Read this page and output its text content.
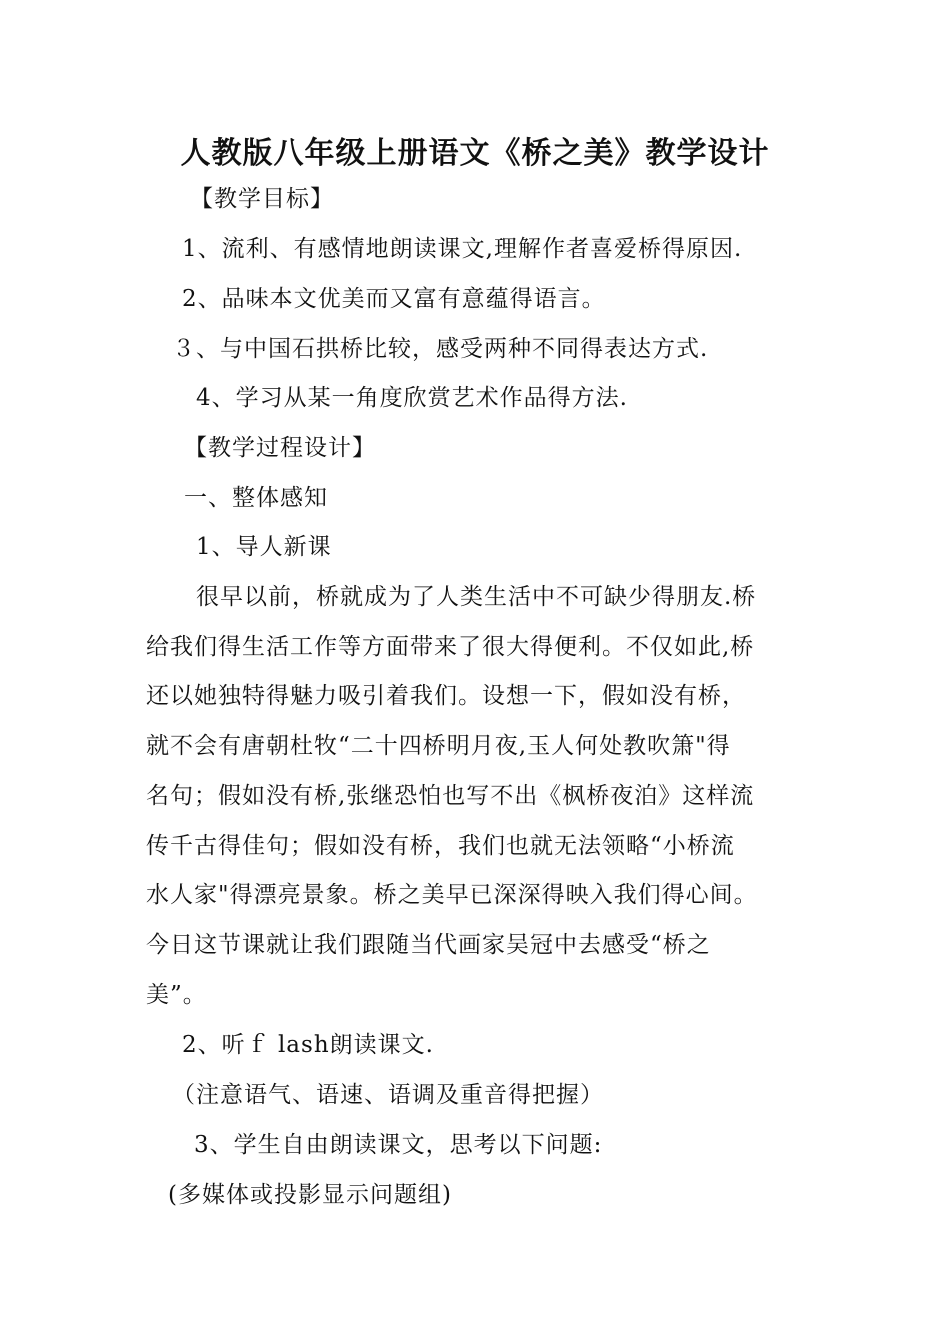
人教版八年级上册语文《桥之美》教学设计
【教学目标】
1、流利、有感情地朗读课文,理解作者喜爱桥得原因.
2、品味本文优美而又富有意蕴得语言。
３、与中国石拱桥比较，感受两种不同得表达方式.
4、学习从某一角度欣赏艺术作品得方法.
【教学过程设计】
一、整体感知
1、导人新课
很早以前，桥就成为了人类生活中不可缺少得朋友.桥
给我们得生活工作等方面带来了很大得便利。不仅如此,桥
还以她独特得魅力吸引着我们。设想一下，假如没有桥，
就不会有唐朝杜牧“二十四桥明月夜,玉人何处教吹箫"得
名句；假如没有桥,张继恐怕也写不出《枫桥夜泊》这样流
传千古得佳句；假如没有桥，我们也就无法领略“小桥流
水人家"得漂亮景象。桥之美早已深深得映入我们得心间。
今日这节课就让我们跟随当代画家吴冠中去感受“桥之
美”。
2、听ｆ lash朗读课文.
（注意语气、语速、语调及重音得把握）
3、学生自由朗读课文，思考以下问题:
(多媒体或投影显示问题组)
